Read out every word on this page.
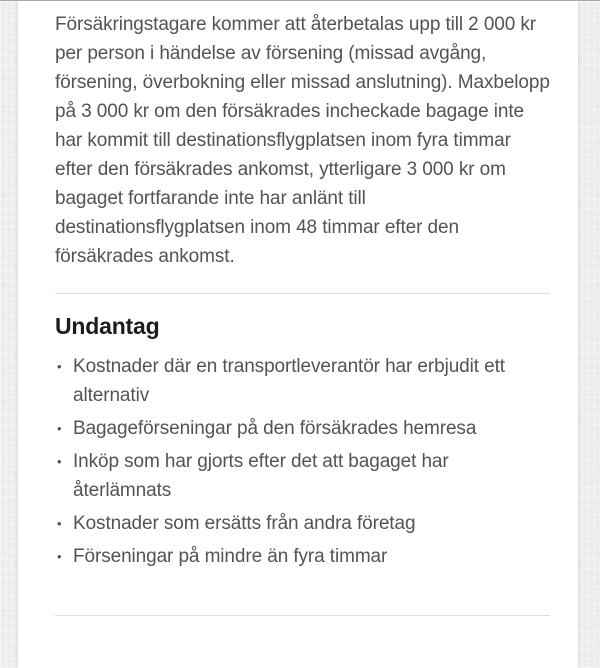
Försäkringstagare kommer att återbetalas upp till 2 000 kr per person i händelse av försening (missad avgång, försening, överbokning eller missad anslutning). Maxbelopp på 3 000 kr om den försäkrades incheckade bagage inte har kommit till destinationsflygplatsen inom fyra timmar efter den försäkrades ankomst, ytterligare 3 000 kr om bagaget fortfarande inte har anlänt till destinationsflygplatsen inom 48 timmar efter den försäkrades ankomst.

Undantag
• Kostnader där en transportleverantör har erbjudit ett alternativ
• Bagageförseningar på den försäkrades hemresa
• Inköp som har gjorts efter det att bagaget har återlämnats
• Kostnader som ersätts från andra företag
• Förseningar på mindre än fyra timmar
